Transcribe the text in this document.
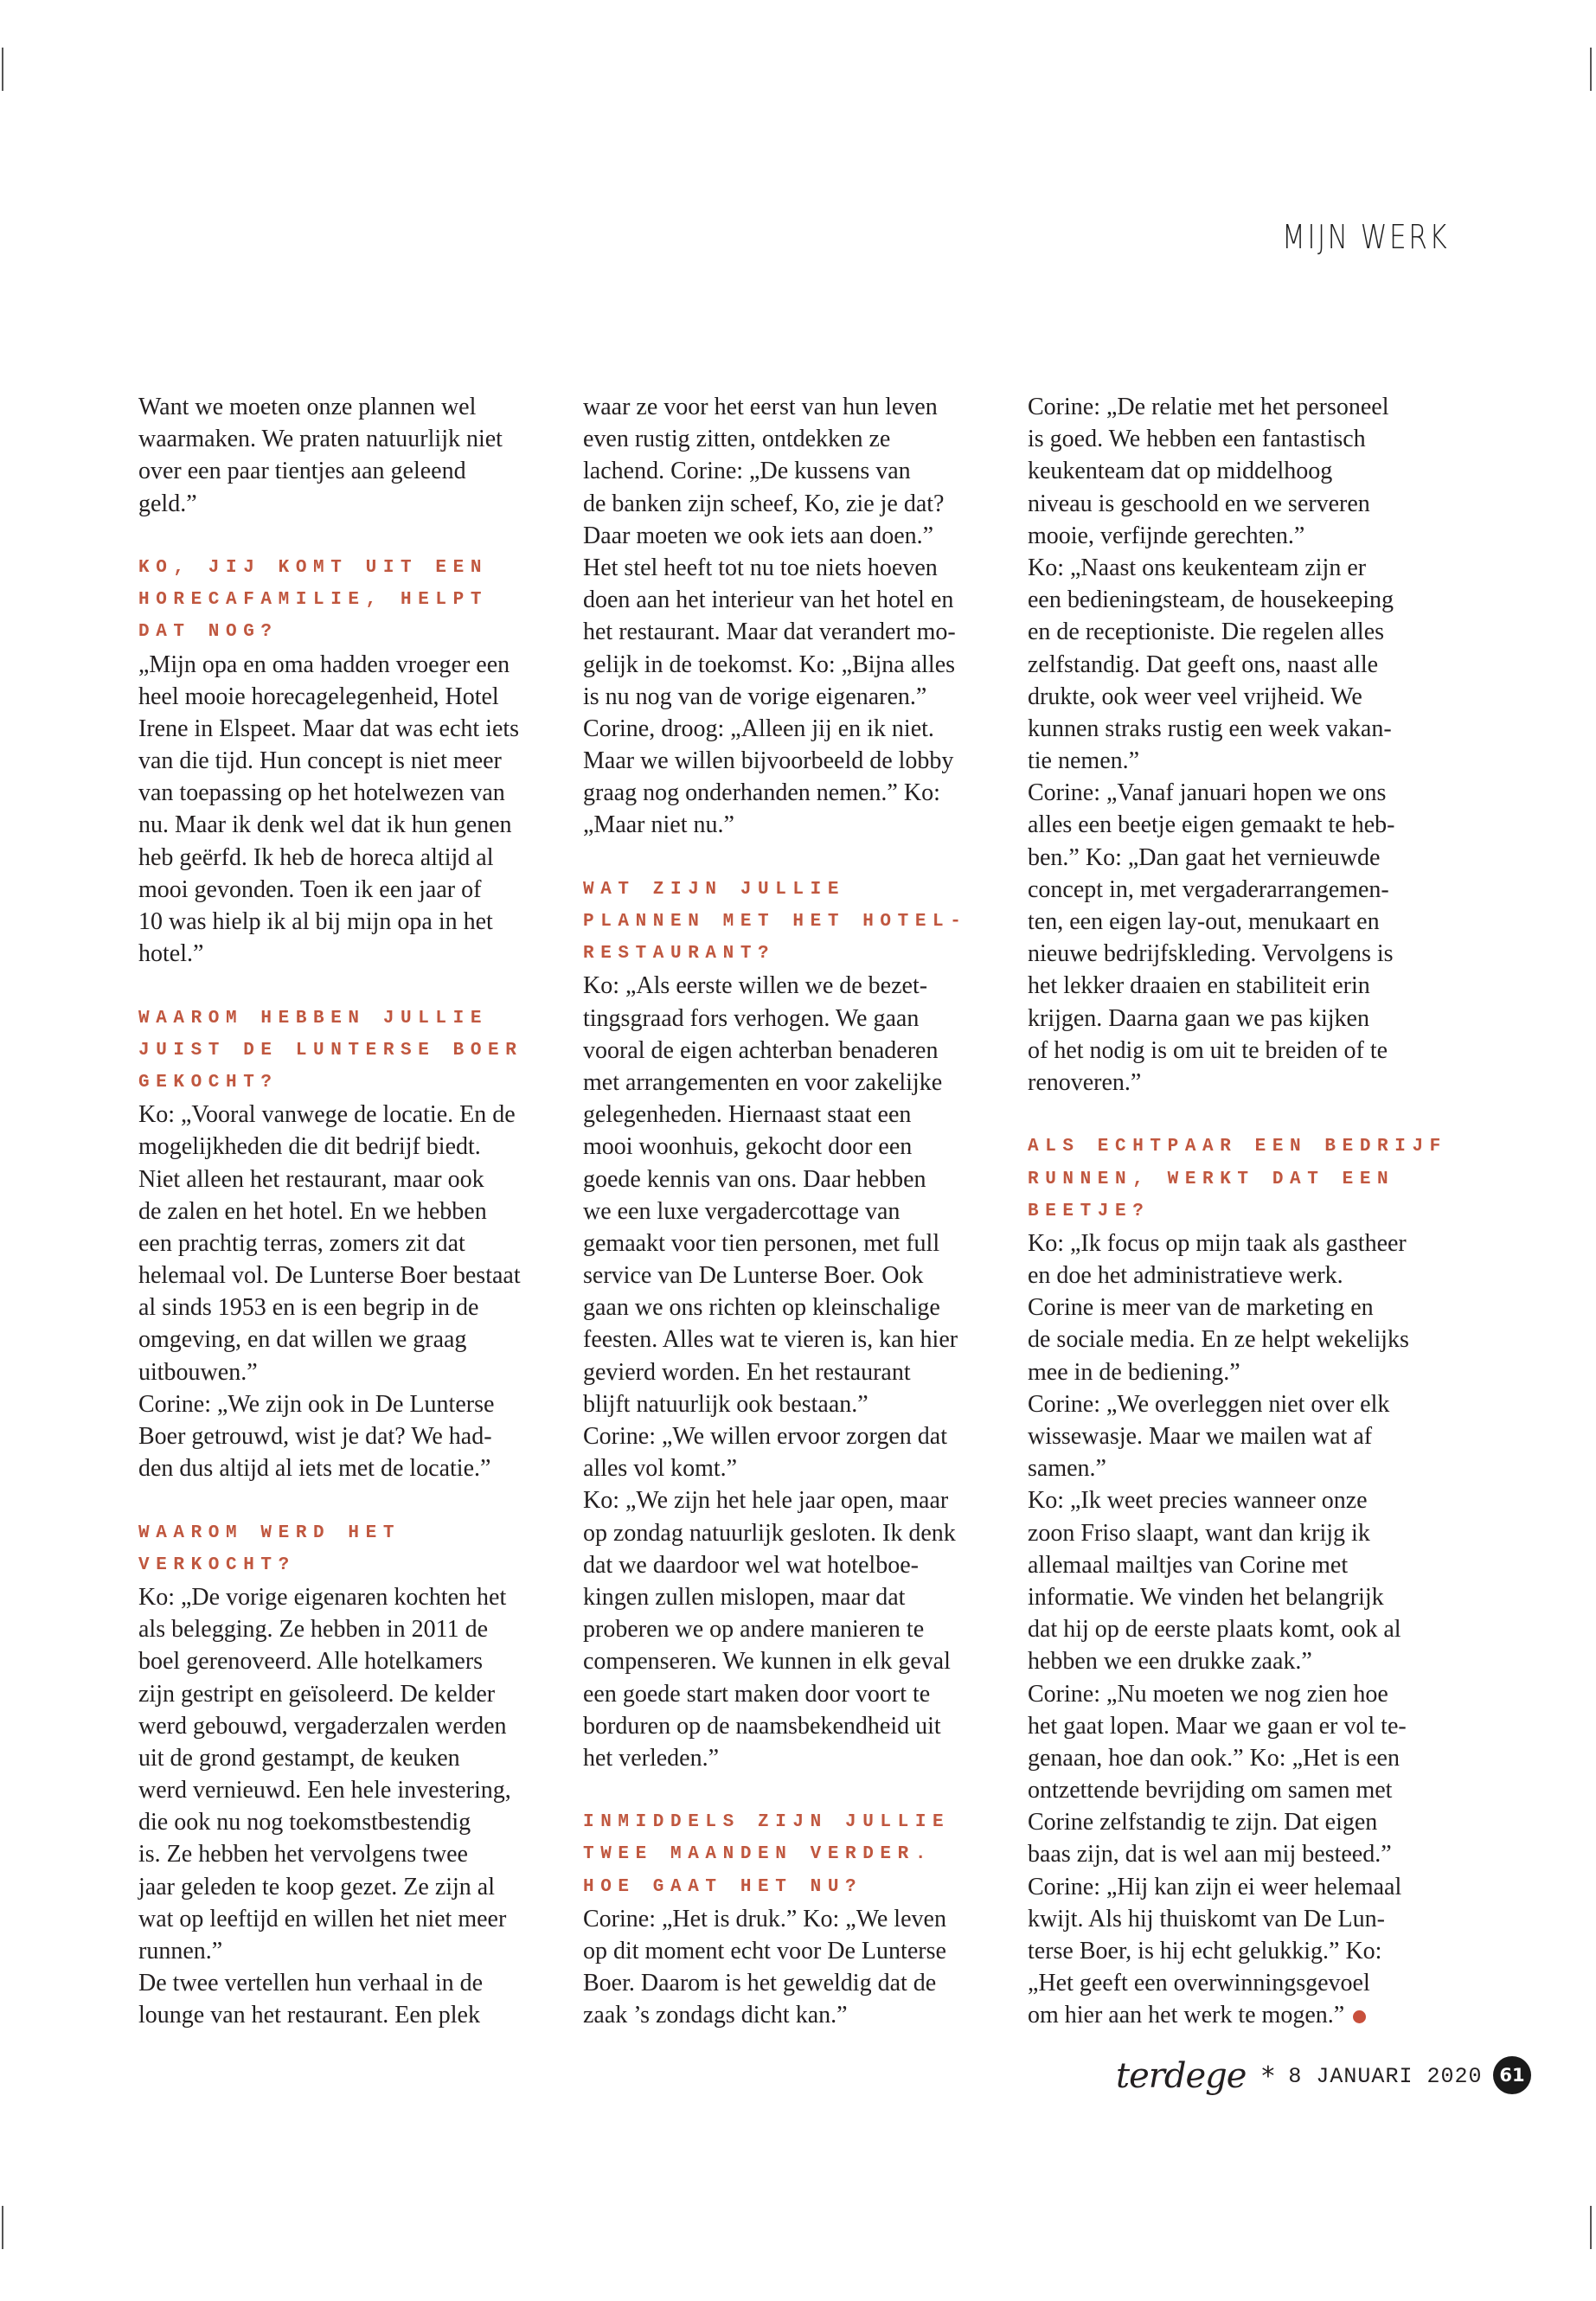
MIJN WERK
Want we moeten onze plannen wel
waarmaken. We praten natuurlijk niet
over een paar tientjes aan geleend
geld.”
KO, JIJ KOMT UIT EEN
HORECAFAMILIE, HELPT
DAT NOG?
„Mijn opa en oma hadden vroeger een
heel mooie horecagelegenheid, Hotel
Irene in Elspeet. Maar dat was echt iets
van die tijd. Hun concept is niet meer
van toepassing op het hotelwezen van
nu. Maar ik denk wel dat ik hun genen
heb geërfd. Ik heb de horeca altijd al
mooi gevonden. Toen ik een jaar of
10 was hielp ik al bij mijn opa in het
hotel.”
WAAROM HEBBEN JULLIE
JUIST DE LUNTERSE BOER
GEKOCHT?
Ko: „Vooral vanwege de locatie. En de
mogelijkheden die dit bedrijf biedt.
Niet alleen het restaurant, maar ook
de zalen en het hotel. En we hebben
een prachtig terras, zomers zit dat
helemaal vol. De Lunterse Boer bestaat
al sinds 1953 en is een begrip in de
omgeving, en dat willen we graag
uitbouwen.”
Corine: „We zijn ook in De Lunterse
Boer getrouwd, wist je dat? We had-
den dus altijd al iets met de locatie.”
WAAROM WERD HET
VERKOCHT?
Ko: „De vorige eigenaren kochten het
als belegging. Ze hebben in 2011 de
boel gerenoveerd. Alle hotelkamers
zijn gestript en geïsoleerd. De kelder
werd gebouwd, vergaderzalen werden
uit de grond gestampt, de keuken
werd vernieuwd. Een hele investering,
die ook nu nog toekomstbestendig
is. Ze hebben het vervolgens twee
jaar geleden te koop gezet. Ze zijn al
wat op leeftijd en willen het niet meer
runnen.”
De twee vertellen hun verhaal in de
lounge van het restaurant. Een plek
waar ze voor het eerst van hun leven
even rustig zitten, ontdekken ze
lachend. Corine: „De kussens van
de banken zijn scheef, Ko, zie je dat?
Daar moeten we ook iets aan doen.”
Het stel heeft tot nu toe niets hoeven
doen aan het interieur van het hotel en
het restaurant. Maar dat verandert mo-
gelijk in de toekomst. Ko: „Bijna alles
is nu nog van de vorige eigenaren.”
Corine, droog: „Alleen jij en ik niet.
Maar we willen bijvoorbeeld de lobby
graag nog onderhanden nemen.” Ko:
„Maar niet nu.”
WAT ZIJN JULLIE
PLANNEN MET HET HOTEL-
RESTAURANT?
Ko: „Als eerste willen we de bezet-
tingsgraad fors verhogen. We gaan
vooral de eigen achterban benaderen
met arrangementen en voor zakelijke
gelegenheden. Hiernaast staat een
mooi woonhuis, gekocht door een
goede kennis van ons. Daar hebben
we een luxe vergadercottage van
gemaakt voor tien personen, met full
service van De Lunterse Boer. Ook
gaan we ons richten op kleinschalige
feesten. Alles wat te vieren is, kan hier
gevierd worden. En het restaurant
blijft natuurlijk ook bestaan.”
Corine: „We willen ervoor zorgen dat
alles vol komt.”
Ko: „We zijn het hele jaar open, maar
op zondag natuurlijk gesloten. Ik denk
dat we daardoor wel wat hotelboe-
kingen zullen mislopen, maar dat
proberen we op andere manieren te
compenseren. We kunnen in elk geval
een goede start maken door voort te
borduren op de naamsbekendheid uit
het verleden.”
INMIDDELS ZIJN JULLIE
TWEE MAANDEN VERDER.
HOE GAAT HET NU?
Corine: „Het is druk.” Ko: „We leven
op dit moment echt voor De Lunterse
Boer. Daarom is het geweldig dat de
zaak ’s zondags dicht kan.”
Corine: „De relatie met het personeel
is goed. We hebben een fantastisch
keukenteam dat op middelhoog
niveau is geschoold en we serveren
mooie, verfijnde gerechten.”
Ko: „Naast ons keukenteam zijn er
een bedieningsteam, de housekeeping
en de receptioniste. Die regelen alles
zelfstandig. Dat geeft ons, naast alle
drukte, ook weer veel vrijheid. We
kunnen straks rustig een week vakan-
tie nemen.”
Corine: „Vanaf januari hopen we ons
alles een beetje eigen gemaakt te heb-
ben.” Ko: „Dan gaat het vernieuwde
concept in, met vergaderarrangemen-
ten, een eigen lay-out, menukaart en
nieuwe bedrijfskleding. Vervolgens is
het lekker draaien en stabiliteit erin
krijgen. Daarna gaan we pas kijken
of het nodig is om uit te breiden of te
renoveren.”
ALS ECHTPAAR EEN BEDRIJF
RUNNEN, WERKT DAT EEN
BEETJE?
Ko: „Ik focus op mijn taak als gastheer
en doe het administratieve werk.
Corine is meer van de marketing en
de sociale media. En ze helpt wekelijks
mee in de bediening.”
Corine: „We overleggen niet over elk
wissewasje. Maar we mailen wat af
samen.”
Ko: „Ik weet precies wanneer onze
zoon Friso slaapt, want dan krijg ik
allemaal mailtjes van Corine met
informatie. We vinden het belangrijk
dat hij op de eerste plaats komt, ook al
hebben we een drukke zaak.”
Corine: „Nu moeten we nog zien hoe
het gaat lopen. Maar we gaan er vol te-
genaan, hoe dan ook.” Ko: „Het is een
ontzettende bevrijding om samen met
Corine zelfstandig te zijn. Dat eigen
baas zijn, dat is wel aan mij besteed.”
Corine: „Hij kan zijn ei weer helemaal
kwijt. Als hij thuiskomt van De Lun-
terse Boer, is hij echt gelukkig.” Ko:
„Het geeft een overwinningsgevoel
om hier aan het werk te mogen.”
terdege * 8 JANUARI 2020 61
